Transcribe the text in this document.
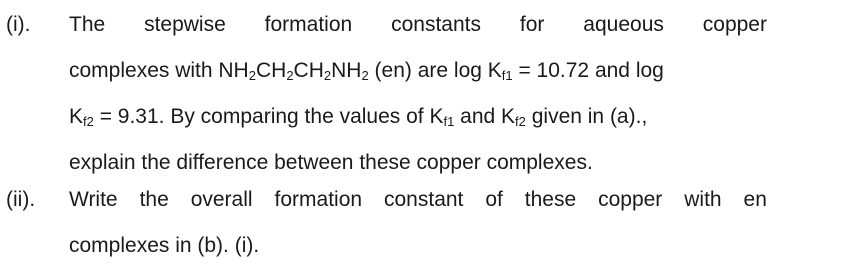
(i). The stepwise formation constants for aqueous copper
complexes with $NH_2CH_2CH_2NH_2$ (en) are $\log K_{f1} = 10.72$ and log
$K_{f2} = 9.31$. By comparing the values of $K_{f1}$ and $K_{f2}$ given in (a).,
explain the difference between these copper complexes.
(ii). Write the overall formation constant of these copper with en
complexes in (b). (i).
